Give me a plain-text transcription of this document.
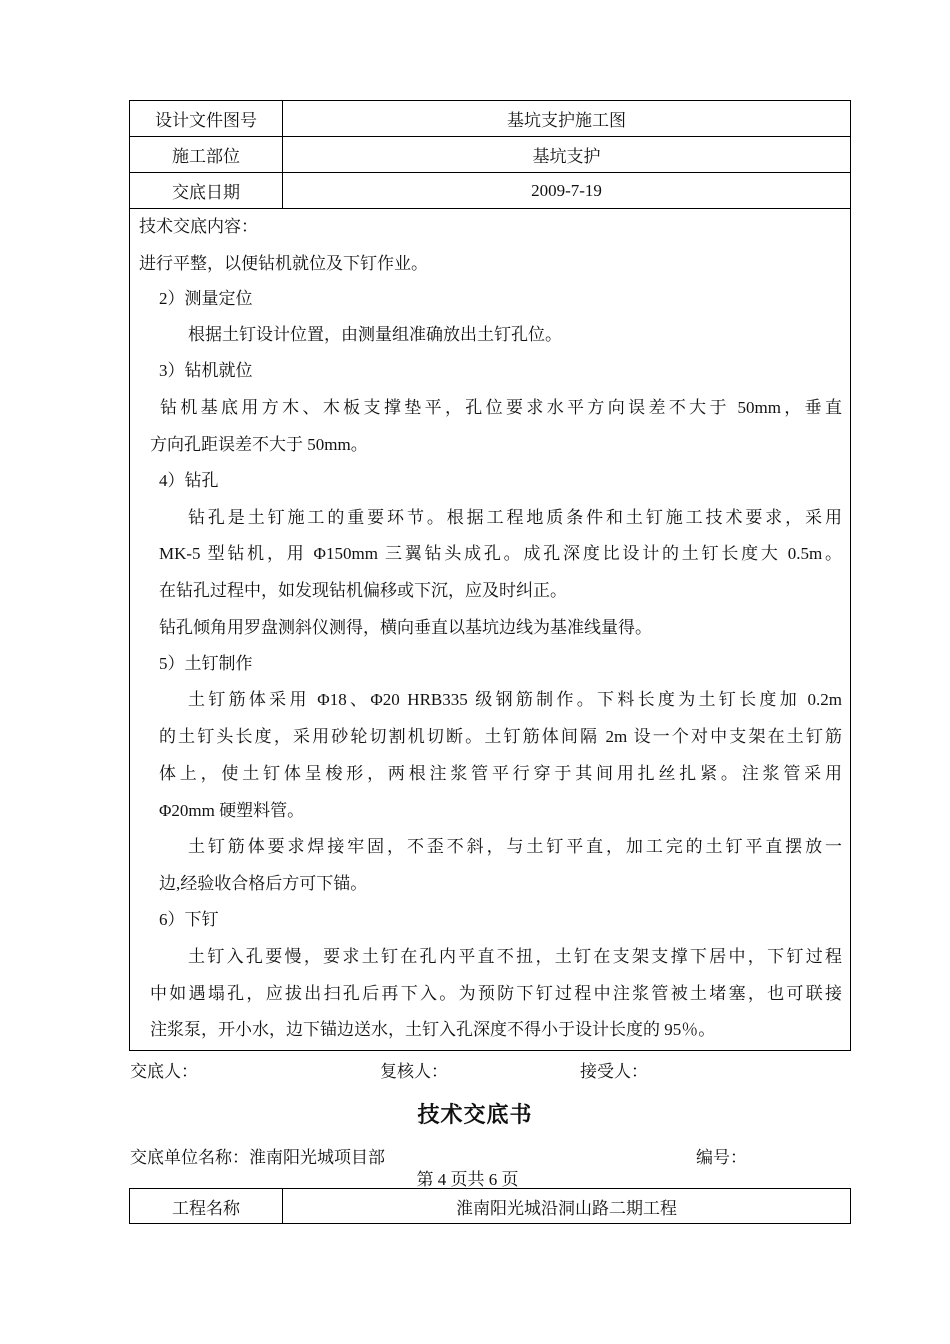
设计文件图号	基坑支护施工图
施工部位	基坑支护
交底日期	2009-7-19
技术交底内容：
进行平整，以便钻机就位及下钉作业。
2）测量定位
根据土钉设计位置，由测量组准确放出土钉孔位。
3）钻机就位
钻机基底用方木、木板支撑垫平，孔位要求水平方向误差不大于 50mm，垂直
方向孔距误差不大于 50mm。
4）钻孔
钻孔是土钉施工的重要环节。根据工程地质条件和土钉施工技术要求，采用
MK-5 型钻机，用 Φ150mm 三翼钻头成孔。成孔深度比设计的土钉长度大 0.5m。
在钻孔过程中，如发现钻机偏移或下沉，应及时纠正。
钻孔倾角用罗盘测斜仪测得，横向垂直以基坑边线为基准线量得。
5）土钉制作
土钉筋体采用 Φ18、Φ20 HRB335 级钢筋制作。下料长度为土钉长度加 0.2m
的土钉头长度，采用砂轮切割机切断。土钉筋体间隔 2m 设一个对中支架在土钉筋
体上，使土钉体呈梭形，两根注浆管平行穿于其间用扎丝扎紧。注浆管采用
Φ20mm 硬塑料管。
土钉筋体要求焊接牢固，不歪不斜，与土钉平直，加工完的土钉平直摆放一
边,经验收合格后方可下锚。
6）下钉
土钉入孔要慢，要求土钉在孔内平直不扭，土钉在支架支撑下居中，下钉过程
中如遇塌孔，应拔出扫孔后再下入。为预防下钉过程中注浆管被土堵塞，也可联接
注浆泵，开小水，边下锚边送水，土钉入孔深度不得小于设计长度的 95％。
交底人：	复核人：	接受人：
技术交底书
交底单位名称：淮南阳光城项目部	编号：
第 4 页共 6 页
工程名称	淮南阳光城沿洞山路二期工程
